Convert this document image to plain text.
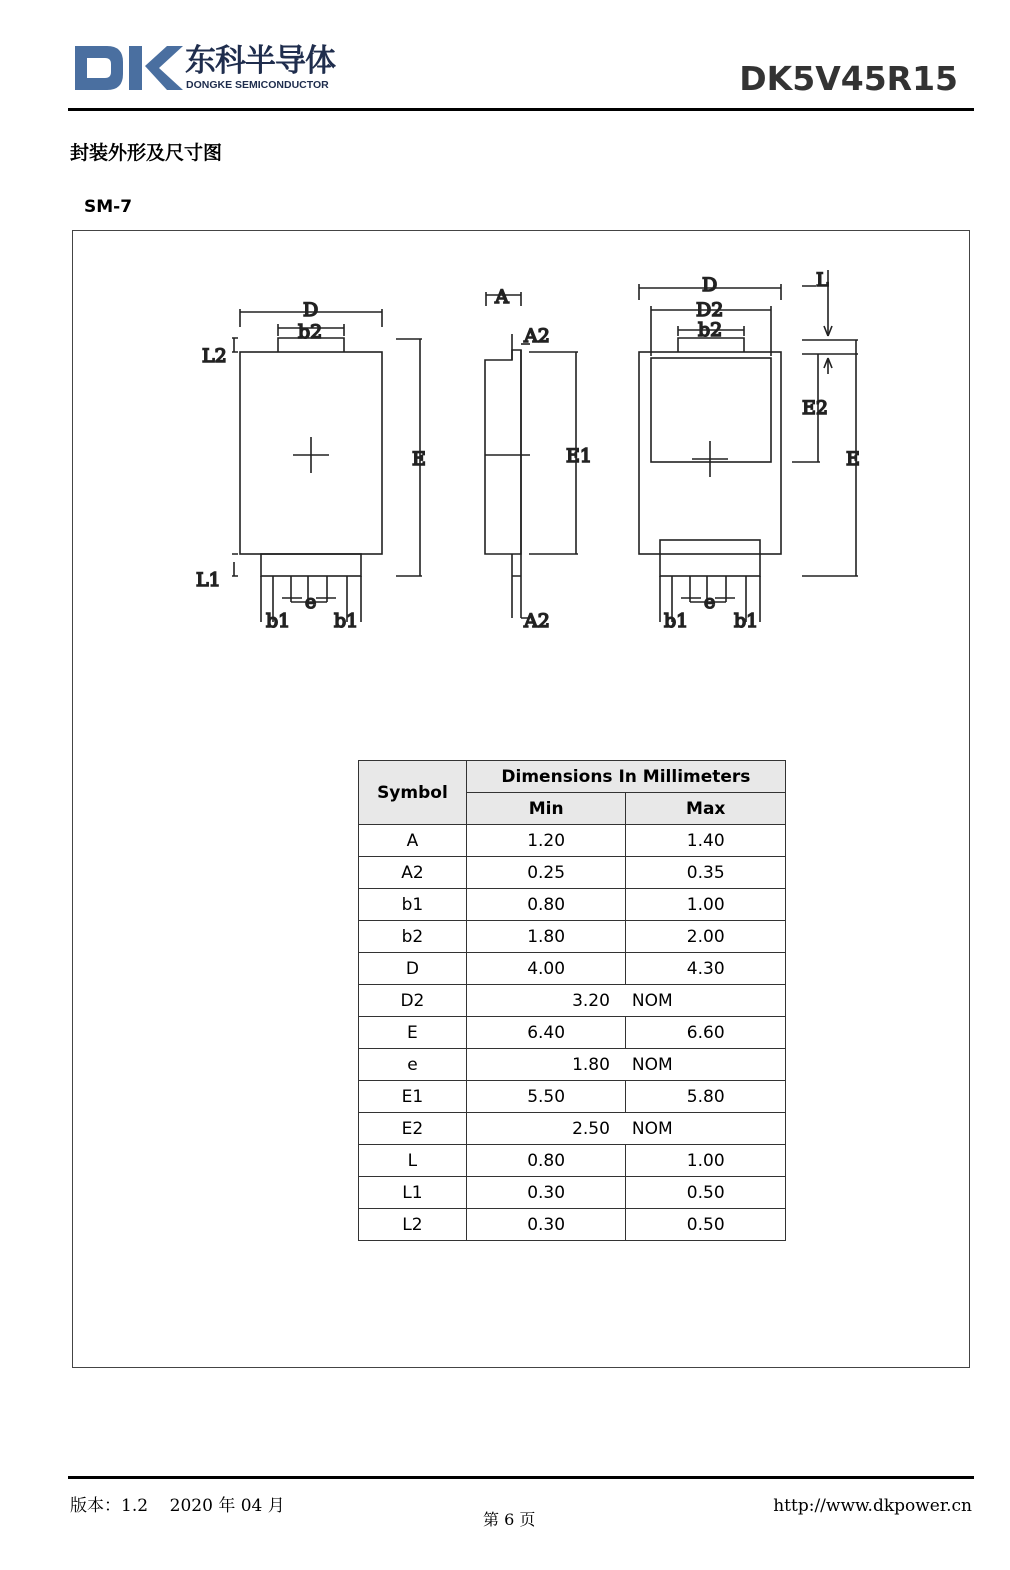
东科半导体
DONGKE SEMICONDUCTOR	DK5V45R15
封装外形及尺寸图
SM-7
D
b2
L2
L1
E
b1
e
b1
A
A2
E1
A2
D
D2
b2
L
E2
E
b1
e
b1
Symbol	Dimensions In Millimeters	
	Min	Max
A	1.20	1.40
A2	0.25	0.35
b1	0.80	1.00
b2	1.80	2.00
D	4.00	4.30
D2	3.20	NOM
E	6.40	6.60
e	1.80	NOM
E1	5.50	5.80
E2	2.50	NOM
L	0.80	1.00
L1	0.30	0.50
L2	0.30	0.50
版本：1.2    2020 年 04 月
第 6 页
http://www.dkpower.cn
